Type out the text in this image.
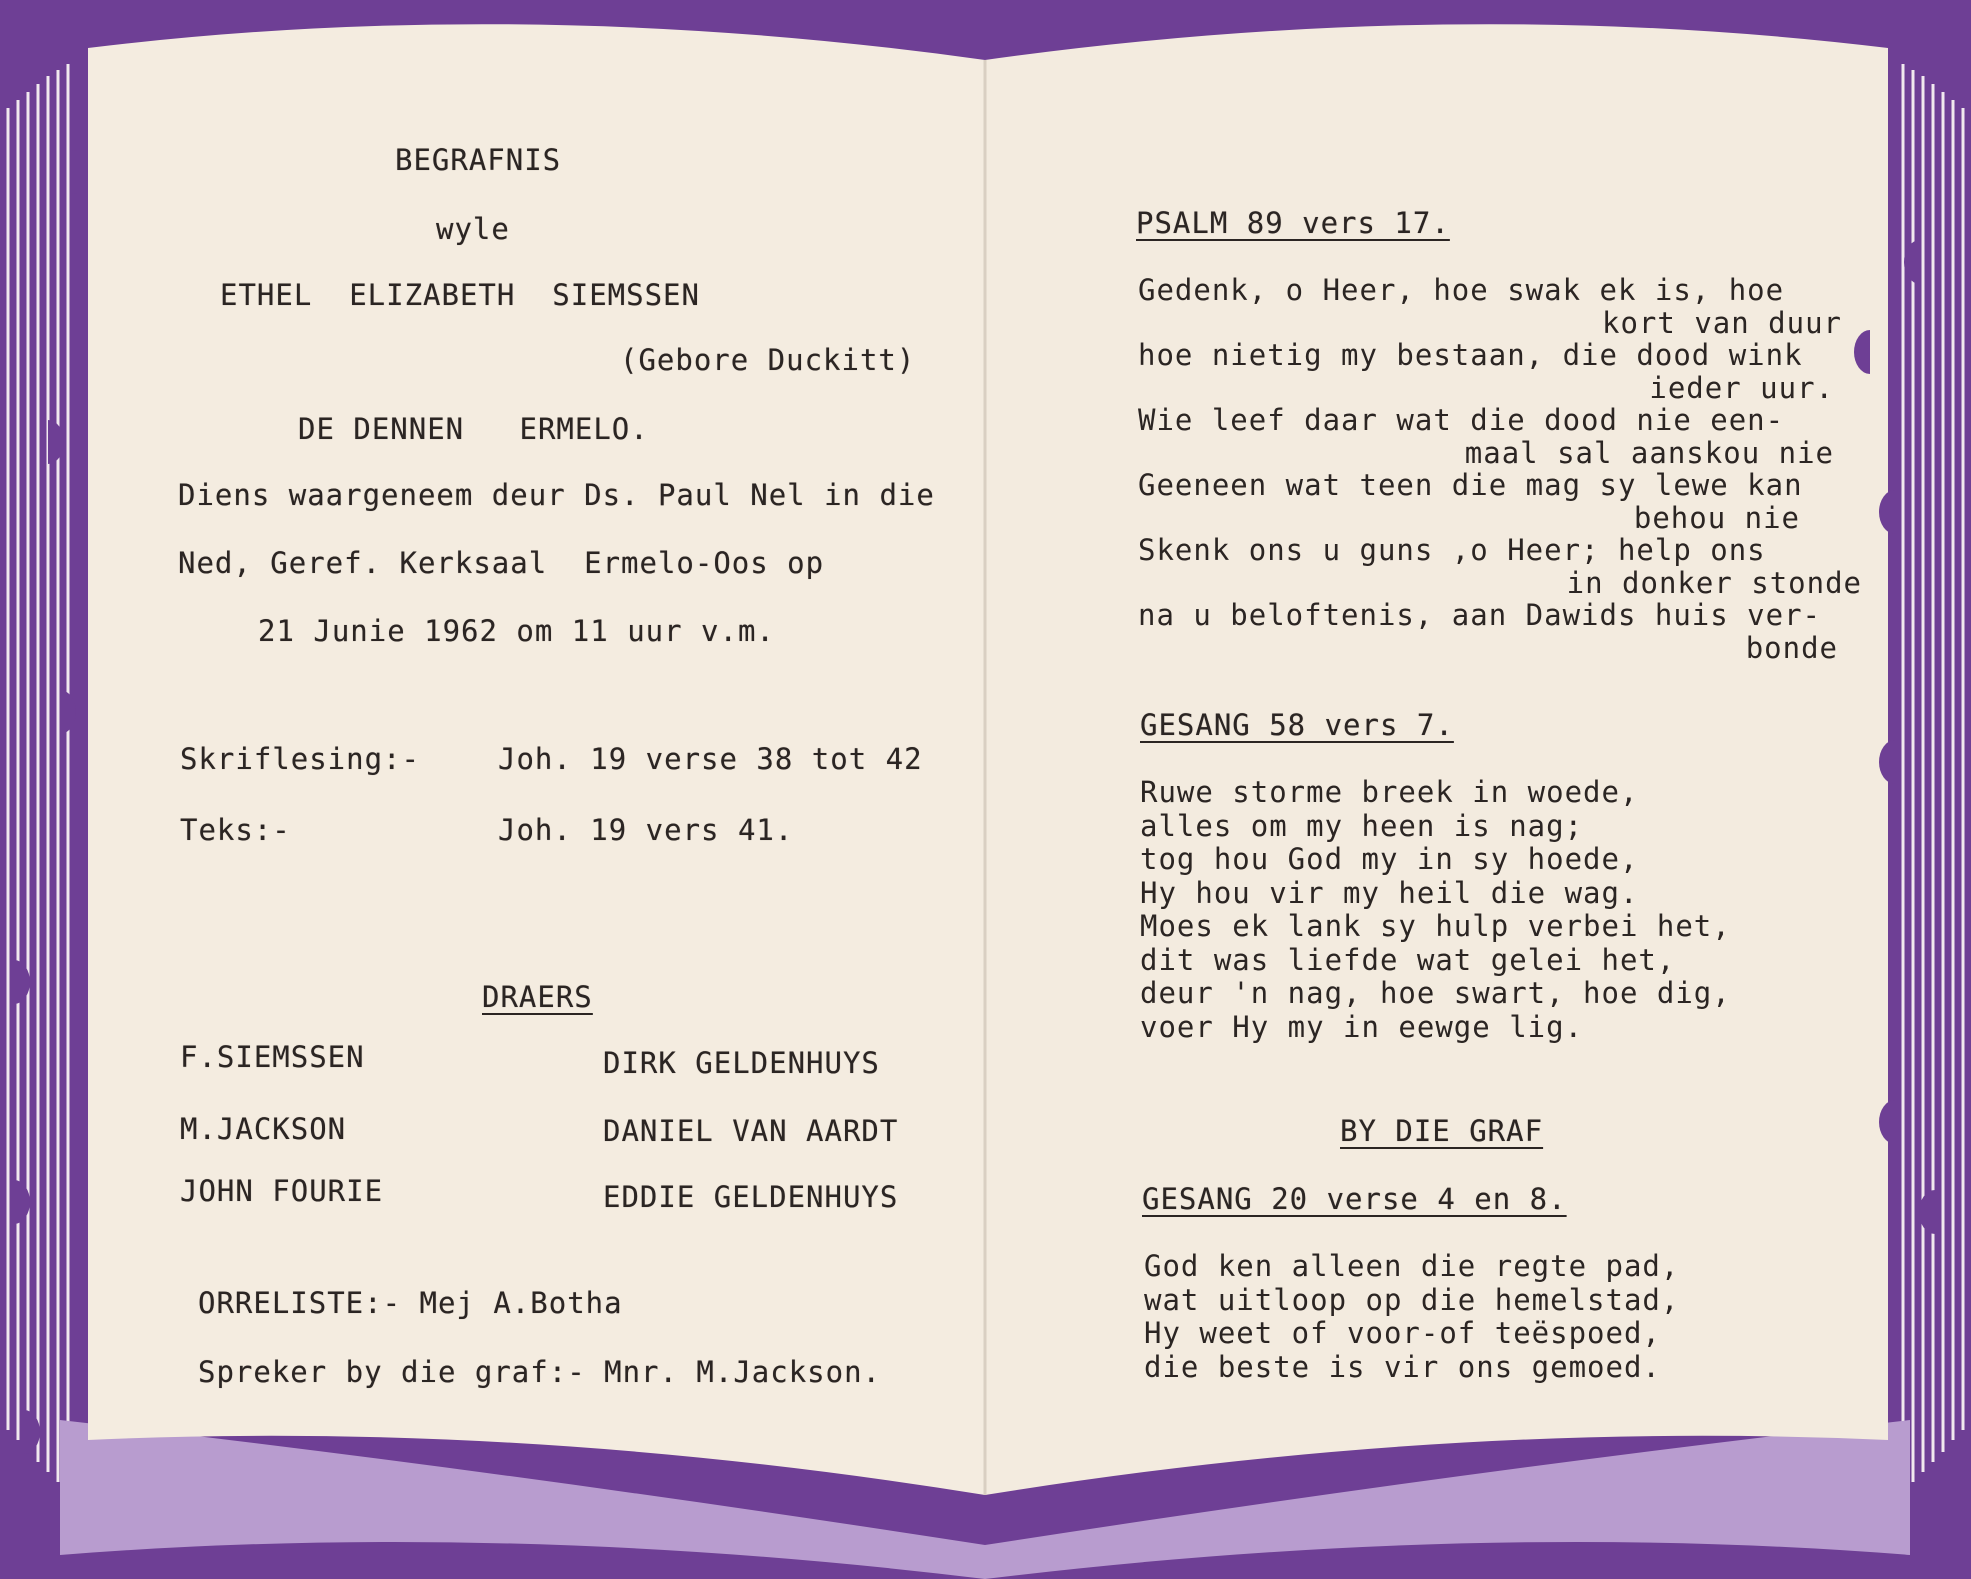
BEGRAFNIS
wyle
ETHEL  ELIZABETH  SIEMSSEN
(Gebore Duckitt)
DE DENNEN   ERMELO.
Diens waargeneem deur Ds. Paul Nel in die
Ned, Geref. Kerksaal  Ermelo-Oos op
21 Junie 1962 om 11 uur v.m.
Skriflesing:-	Joh. 19 verse 38 tot 42
Teks:-	Joh. 19 vers 41.
DRAERS
F.SIEMSSEN
M.JACKSON
JOHN FOURIE
DIRK GELDENHUYS
DANIEL VAN AARDT
EDDIE GELDENHUYS
ORRELISTE:- Mej A.Botha
Spreker by die graf:- Mnr. M.Jackson.
PSALM 89 vers 17.
Gedenk, o Heer, hoe swak ek is, hoe
kort van duur
hoe nietig my bestaan, die dood wink
ieder uur.
Wie leef daar wat die dood nie een-
maal sal aanskou nie
Geeneen wat teen die mag sy lewe kan
behou nie
Skenk ons u guns ,o Heer; help ons
in donker stonde
na u beloftenis, aan Dawids huis ver-
bonde
GESANG 58 vers 7.
Ruwe storme breek in woede,
alles om my heen is nag;
tog hou God my in sy hoede,
Hy hou vir my heil die wag.
Moes ek lank sy hulp verbei het,
dit was liefde wat gelei het,
deur 'n nag, hoe swart, hoe dig,
voer Hy my in eewge lig.
BY DIE GRAF
GESANG 20 verse 4 en 8.
God ken alleen die regte pad,
wat uitloop op die hemelstad,
Hy weet of voor-of teëspoed,
die beste is vir ons gemoed.
